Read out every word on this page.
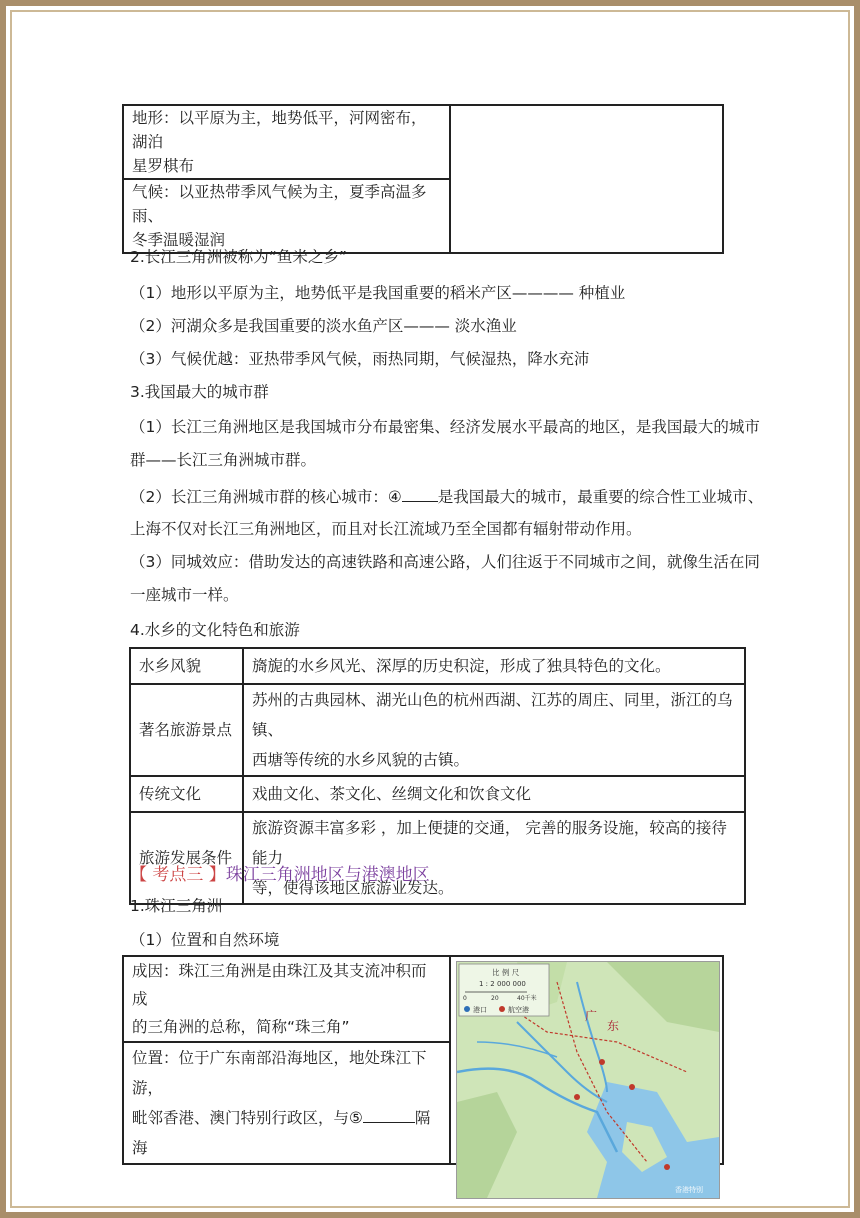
地形：以平原为主，地势低平，河网密布，湖泊
星罗棋布

气候：以亚热带季风气候为主，夏季高温多雨、
冬季温暖湿润
2.长江三角洲被称为“鱼米之乡”
（1）地形以平原为主，地势低平是我国重要的稻米产区———— 种植业
（2）河湖众多是我国重要的淡水鱼产区——— 淡水渔业
（3）气候优越：亚热带季风气候，雨热同期，气候湿热，降水充沛
3.我国最大的城市群
（1）长江三角洲地区是我国城市分布最密集、经济发展水平最高的地区，是我国最大的城市
群——长江三角洲城市群。
（2）长江三角洲城市群的核心城市：④ 是我国最大的城市，最重要的综合性工业城市、
上海不仅对长江三角洲地区，而且对长江流域乃至全国都有辐射带动作用。
（3）同城效应：借助发达的高速铁路和高速公路，人们往返于不同城市之间，就像生活在同
一座城市一样。
4.水乡的文化特色和旅游
水乡风貌	旖旎的水乡风光、深厚的历史积淀，形成了独具特色的文化。

著名旅游景点	苏州的古典园林、湖光山色的杭州西湖、江苏的周庄、同里，浙江的乌镇、
西塘等传统的水乡风貌的古镇。

传统文化	戏曲文化、茶文化、丝绸文化和饮食文化

旅游发展条件	旅游资源丰富多彩 ，加上便捷的交通， 完善的服务设施，较高的接待能力
等，使得该地区旅游业发达。
【 考点三 】珠江三角洲地区与港澳地区
1.珠江三角洲
（1）位置和自然环境
成因：珠江三角洲是由珠江及其支流冲积而成
的三角洲的总称，简称“珠三角”

位置：位于广东南部沿海地区，地处珠江下游，
毗邻香港、澳门特别行政区，与⑤	隔海
比 例 尺
1 : 2 000 000
0	20	40千米
港口	航空港	广
东
香港特别
